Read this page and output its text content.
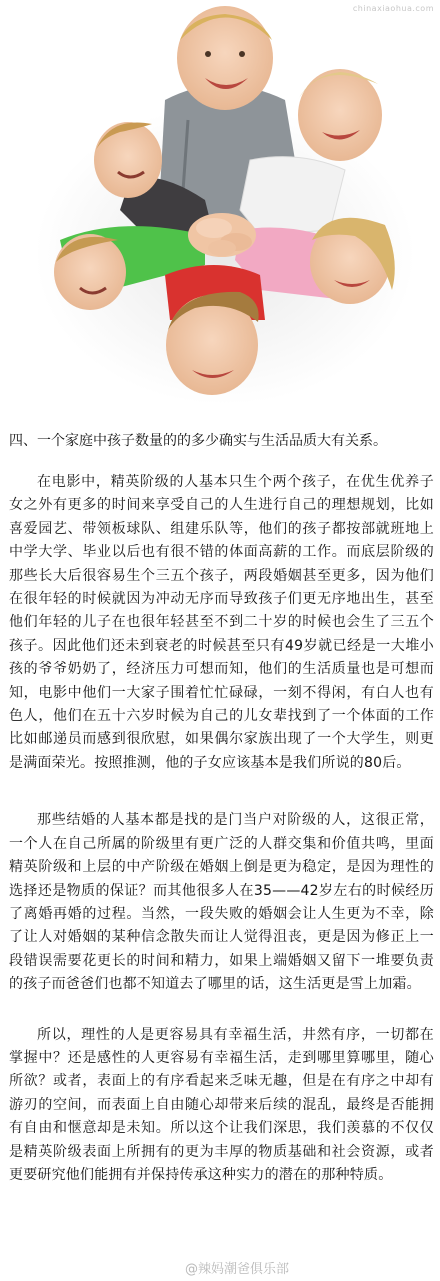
chinaxiaohua.com

四、一个家庭中孩子数量的的多少确实与生活品质大有关系。

在电影中，精英阶级的人基本只生个两个孩子，在优生优养子女之外有更多的时间来享受自己的人生进行自己的理想规划，比如喜爱园艺、带领板球队、组建乐队等，他们的孩子都按部就班地上中学大学、毕业以后也有很不错的体面高薪的工作。而底层阶级的那些长大后很容易生个三五个孩子，两段婚姻甚至更多，因为他们在很年轻的时候就因为冲动无序而导致孩子们更无序地出生，甚至他们年轻的儿子在也很年轻甚至不到二十岁的时候也会生了三五个孩子。因此他们还未到衰老的时候甚至只有49岁就已经是一大堆小孩的爷爷奶奶了，经济压力可想而知，他们的生活质量也是可想而知，电影中他们一大家子围着忙忙碌碌，一刻不得闲，有白人也有色人，他们在五十六岁时候为自己的儿女辈找到了一个体面的工作比如邮递员而感到很欣慰，如果偶尔家族出现了一个大学生，则更是满面荣光。按照推测，他的子女应该基本是我们所说的80后。

那些结婚的人基本都是找的是门当户对阶级的人，这很正常，一个人在自己所属的阶级里有更广泛的人群交集和价值共鸣，里面精英阶级和上层的中产阶级在婚姻上倒是更为稳定，是因为理性的选择还是物质的保证？而其他很多人在35——42岁左右的时候经历了离婚再婚的过程。当然，一段失败的婚姻会让人生更为不幸，除了让人对婚姻的某种信念散失而让人觉得沮丧，更是因为修正上一段错误需要花更长的时间和精力，如果上端婚姻又留下一堆要负责的孩子而爸爸们也都不知道去了哪里的话，这生活更是雪上加霜。

所以，理性的人是更容易具有幸福生活，井然有序，一切都在掌握中？还是感性的人更容易有幸福生活，走到哪里算哪里，随心所欲？或者，表面上的有序看起来乏味无趣，但是在有序之中却有游刃的空间，而表面上自由随心却带来后续的混乱，最终是否能拥有自由和惬意却是未知。所以这个让我们深思，我们羡慕的不仅仅是精英阶级表面上所拥有的更为丰厚的物质基础和社会资源，或者更要研究他们能拥有并保持传承这种实力的潜在的那种特质。

@辣妈潮爸俱乐部
